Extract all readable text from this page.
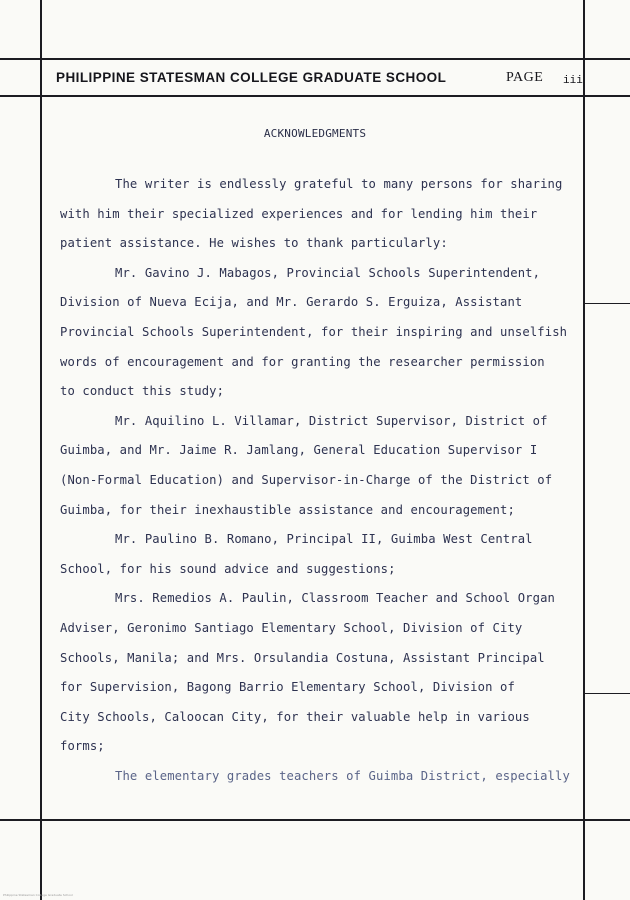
PHILIPPINE STATESMAN COLLEGE GRADUATE SCHOOL	PAGE iii
ACKNOWLEDGMENTS
The writer is endlessly grateful to many persons for sharing
with him their specialized experiences and for lending him their
patient assistance. He wishes to thank particularly:
Mr. Gavino J. Mabagos, Provincial Schools Superintendent,
Division of Nueva Ecija, and Mr. Gerardo S. Erguiza, Assistant
Provincial Schools Superintendent, for their inspiring and unselfish
words of encouragement and for granting the researcher permission
to conduct this study;
Mr. Aquilino L. Villamar, District Supervisor, District of
Guimba, and Mr. Jaime R. Jamlang, General Education Supervisor I
(Non-Formal Education) and Supervisor-in-Charge of the District of
Guimba, for their inexhaustible assistance and encouragement;
Mr. Paulino B. Romano, Principal II, Guimba West Central
School, for his sound advice and suggestions;
Mrs. Remedios A. Paulin, Classroom Teacher and School Organ
Adviser, Geronimo Santiago Elementary School, Division of City
Schools, Manila; and Mrs. Orsulandia Costuna, Assistant Principal
for Supervision, Bagong Barrio Elementary School, Division of
City Schools, Caloocan City, for their valuable help in various
forms;
The elementary grades teachers of Guimba District, especially
Philippine Statesman College Graduate School
